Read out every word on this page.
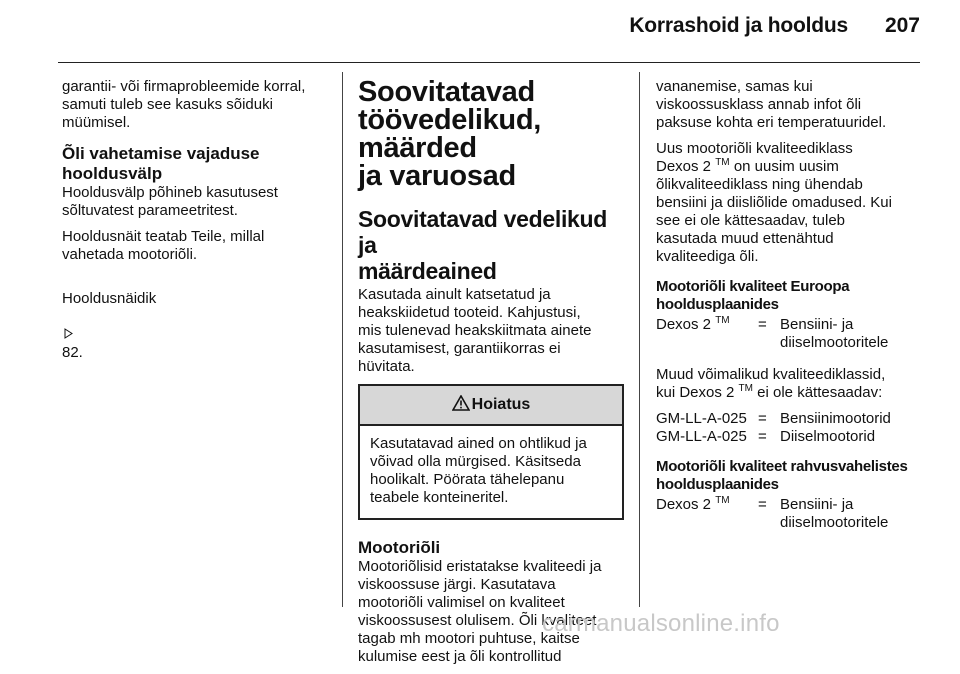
Korrashoid ja hooldus 207

garantii- või firmaprobleemide korral,
samuti tuleb see kasuks sõiduki
müümisel.

Õli vahetamise vajaduse
hooldusvälp

Hooldusvälp põhineb kasutusest
sõltuvatest parameetritest.

Hooldusnäit teatab Teile, millal
vahetada mootoriõli.

Hooldusnäidik

82.

Soovitatavad
töövedelikud, määrded
ja varuosad
Soovitatavad vedelikud ja
määrdeained

Kasutada ainult katsetatud ja
heakskiidetud tooteid. Kahjustusi,
mis tulenevad heakskiitmata ainete
kasutamisest, garantiikorras ei
hüvitata.

Hoiatus
Kasutatavad ained on ohtlikud ja
võivad olla mürgised. Käsitseda
hoolikalt. Pöörata tähelepanu
teabele konteineritel.
Mootoriõli

Mootoriõlisid eristatakse kvaliteedi ja
viskoossuse järgi. Kasutatava
mootoriõli valimisel on kvaliteet
viskoossusest olulisem. Õli kvaliteet
tagab mh mootori puhtuse, kaitse
kulumise eest ja õli kontrollitud

vananemise, samas kui
viskoossusklass annab infot õli
paksuse kohta eri temperatuuridel.

Uus mootoriõli kvaliteediklass
Dexos 2 ™ on uusim uusim
õlikvaliteediklass ning ühendab
bensiini ja diisliõlide omadused. Kui
see ei ole kättesaadav, tuleb
kasutada muud ettenähtud
kvaliteediga õli.

Mootoriõli kvaliteet Euroopa
hooldusplaanides
Dexos 2 ™	= Bensiini- ja
diiselmootoritele

Muud võimalikud kvaliteediklassid,
kui Dexos 2 ™ ei ole kättesaadav:

GM-LL-A-025 = Bensiinimootorid
GM-LL-A-025 = Diiselmootorid
Mootoriõli kvaliteet rahvusvahelistes
hooldusplaanides
Dexos 2 ™	= Bensiini- ja
diiselmootoritele
carmanualsonline.info
